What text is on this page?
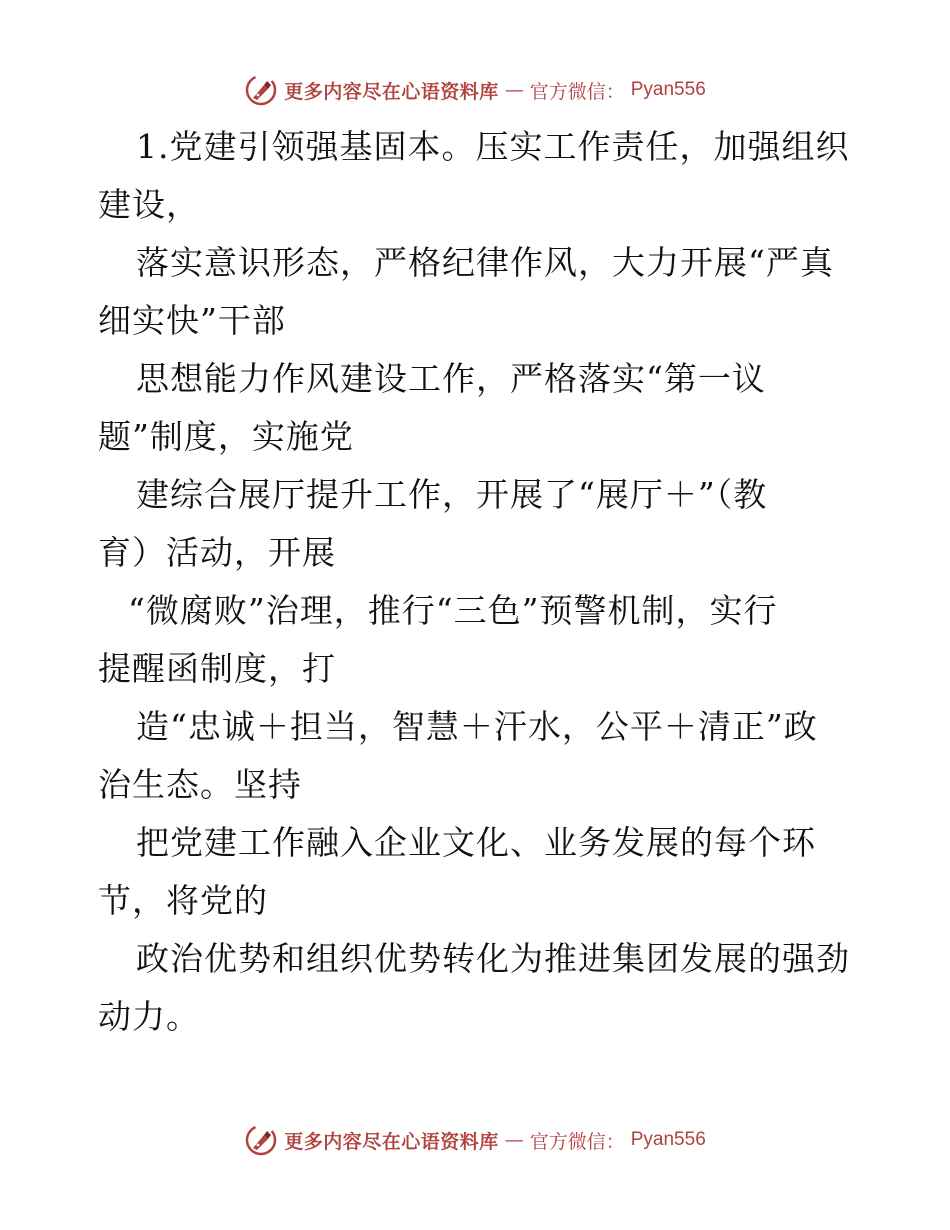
更多内容尽在心语资料库 — 官方微信： Pyan556
1.党建引领强基固本。压实工作责任，加强组织
建设，
落实意识形态，严格纪律作风，大力开展“严真
细实快”干部
思想能力作风建设工作，严格落实“第一议
题”制度，实施党
建综合展厅提升工作，开展了“展厅＋”（教
育）活动，开展
“微腐败”治理，推行“三色”预警机制，实行
提醒函制度，打
造“忠诚＋担当，智慧＋汗水，公平＋清正”政
治生态。坚持
把党建工作融入企业文化、业务发展的每个环
节，将党的
政治优势和组织优势转化为推进集团发展的强劲
动力。
更多内容尽在心语资料库 — 官方微信： Pyan556
